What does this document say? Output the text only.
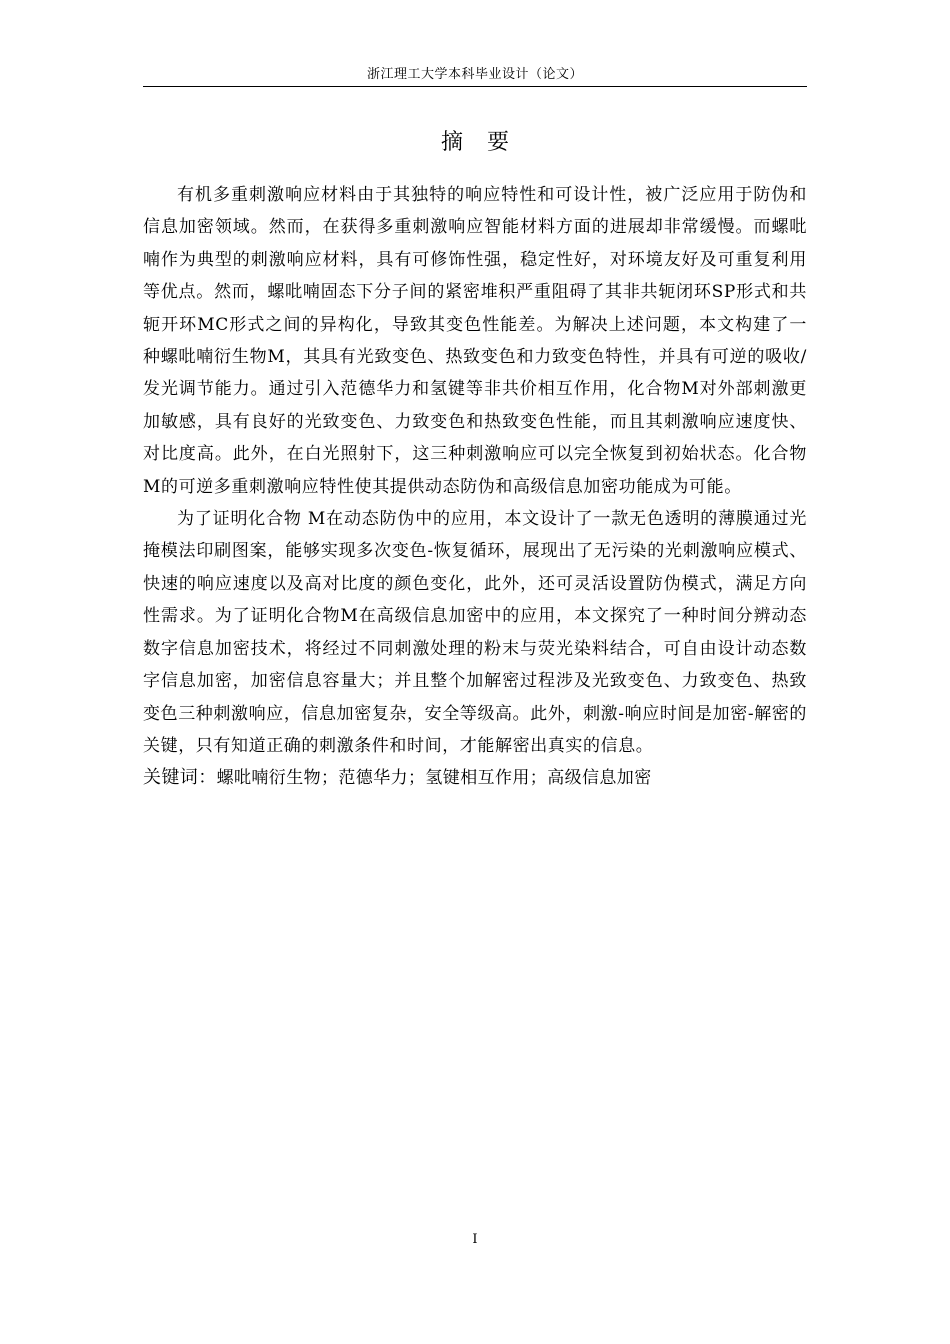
浙江理工大学本科毕业设计（论文）
摘要

有机多重刺激响应材料由于其独特的响应特性和可设计性，被广泛应用于防伪和信息加密领域。然而，在获得多重刺激响应智能材料方面的进展却非常缓慢。而螺吡喃作为典型的刺激响应材料，具有可修饰性强，稳定性好，对环境友好及可重复利用等优点。然而，螺吡喃固态下分子间的紧密堆积严重阻碍了其非共轭闭环SP形式和共轭开环MC形式之间的异构化，导致其变色性能差。为解决上述问题，本文构建了一种螺吡喃衍生物M，其具有光致变色、热致变色和力致变色特性，并具有可逆的吸收/发光调节能力。通过引入范德华力和氢键等非共价相互作用，化合物M对外部刺激更加敏感，具有良好的光致变色、力致变色和热致变色性能，而且其刺激响应速度快、对比度高。此外，在白光照射下，这三种刺激响应可以完全恢复到初始状态。化合物M的可逆多重刺激响应特性使其提供动态防伪和高级信息加密功能成为可能。

为了证明化合物 M在动态防伪中的应用，本文设计了一款无色透明的薄膜通过光掩模法印刷图案，能够实现多次变色-恢复循环，展现出了无污染的光刺激响应模式、快速的响应速度以及高对比度的颜色变化，此外，还可灵活设置防伪模式，满足方向性需求。为了证明化合物M在高级信息加密中的应用，本文探究了一种时间分辨动态数字信息加密技术，将经过不同刺激处理的粉末与荧光染料结合，可自由设计动态数字信息加密，加密信息容量大；并且整个加解密过程涉及光致变色、力致变色、热致变色三种刺激响应，信息加密复杂，安全等级高。此外，刺激-响应时间是加密-解密的关键，只有知道正确的刺激条件和时间，才能解密出真实的信息。

关键词：螺吡喃衍生物；范德华力；氢键相互作用；高级信息加密

I
